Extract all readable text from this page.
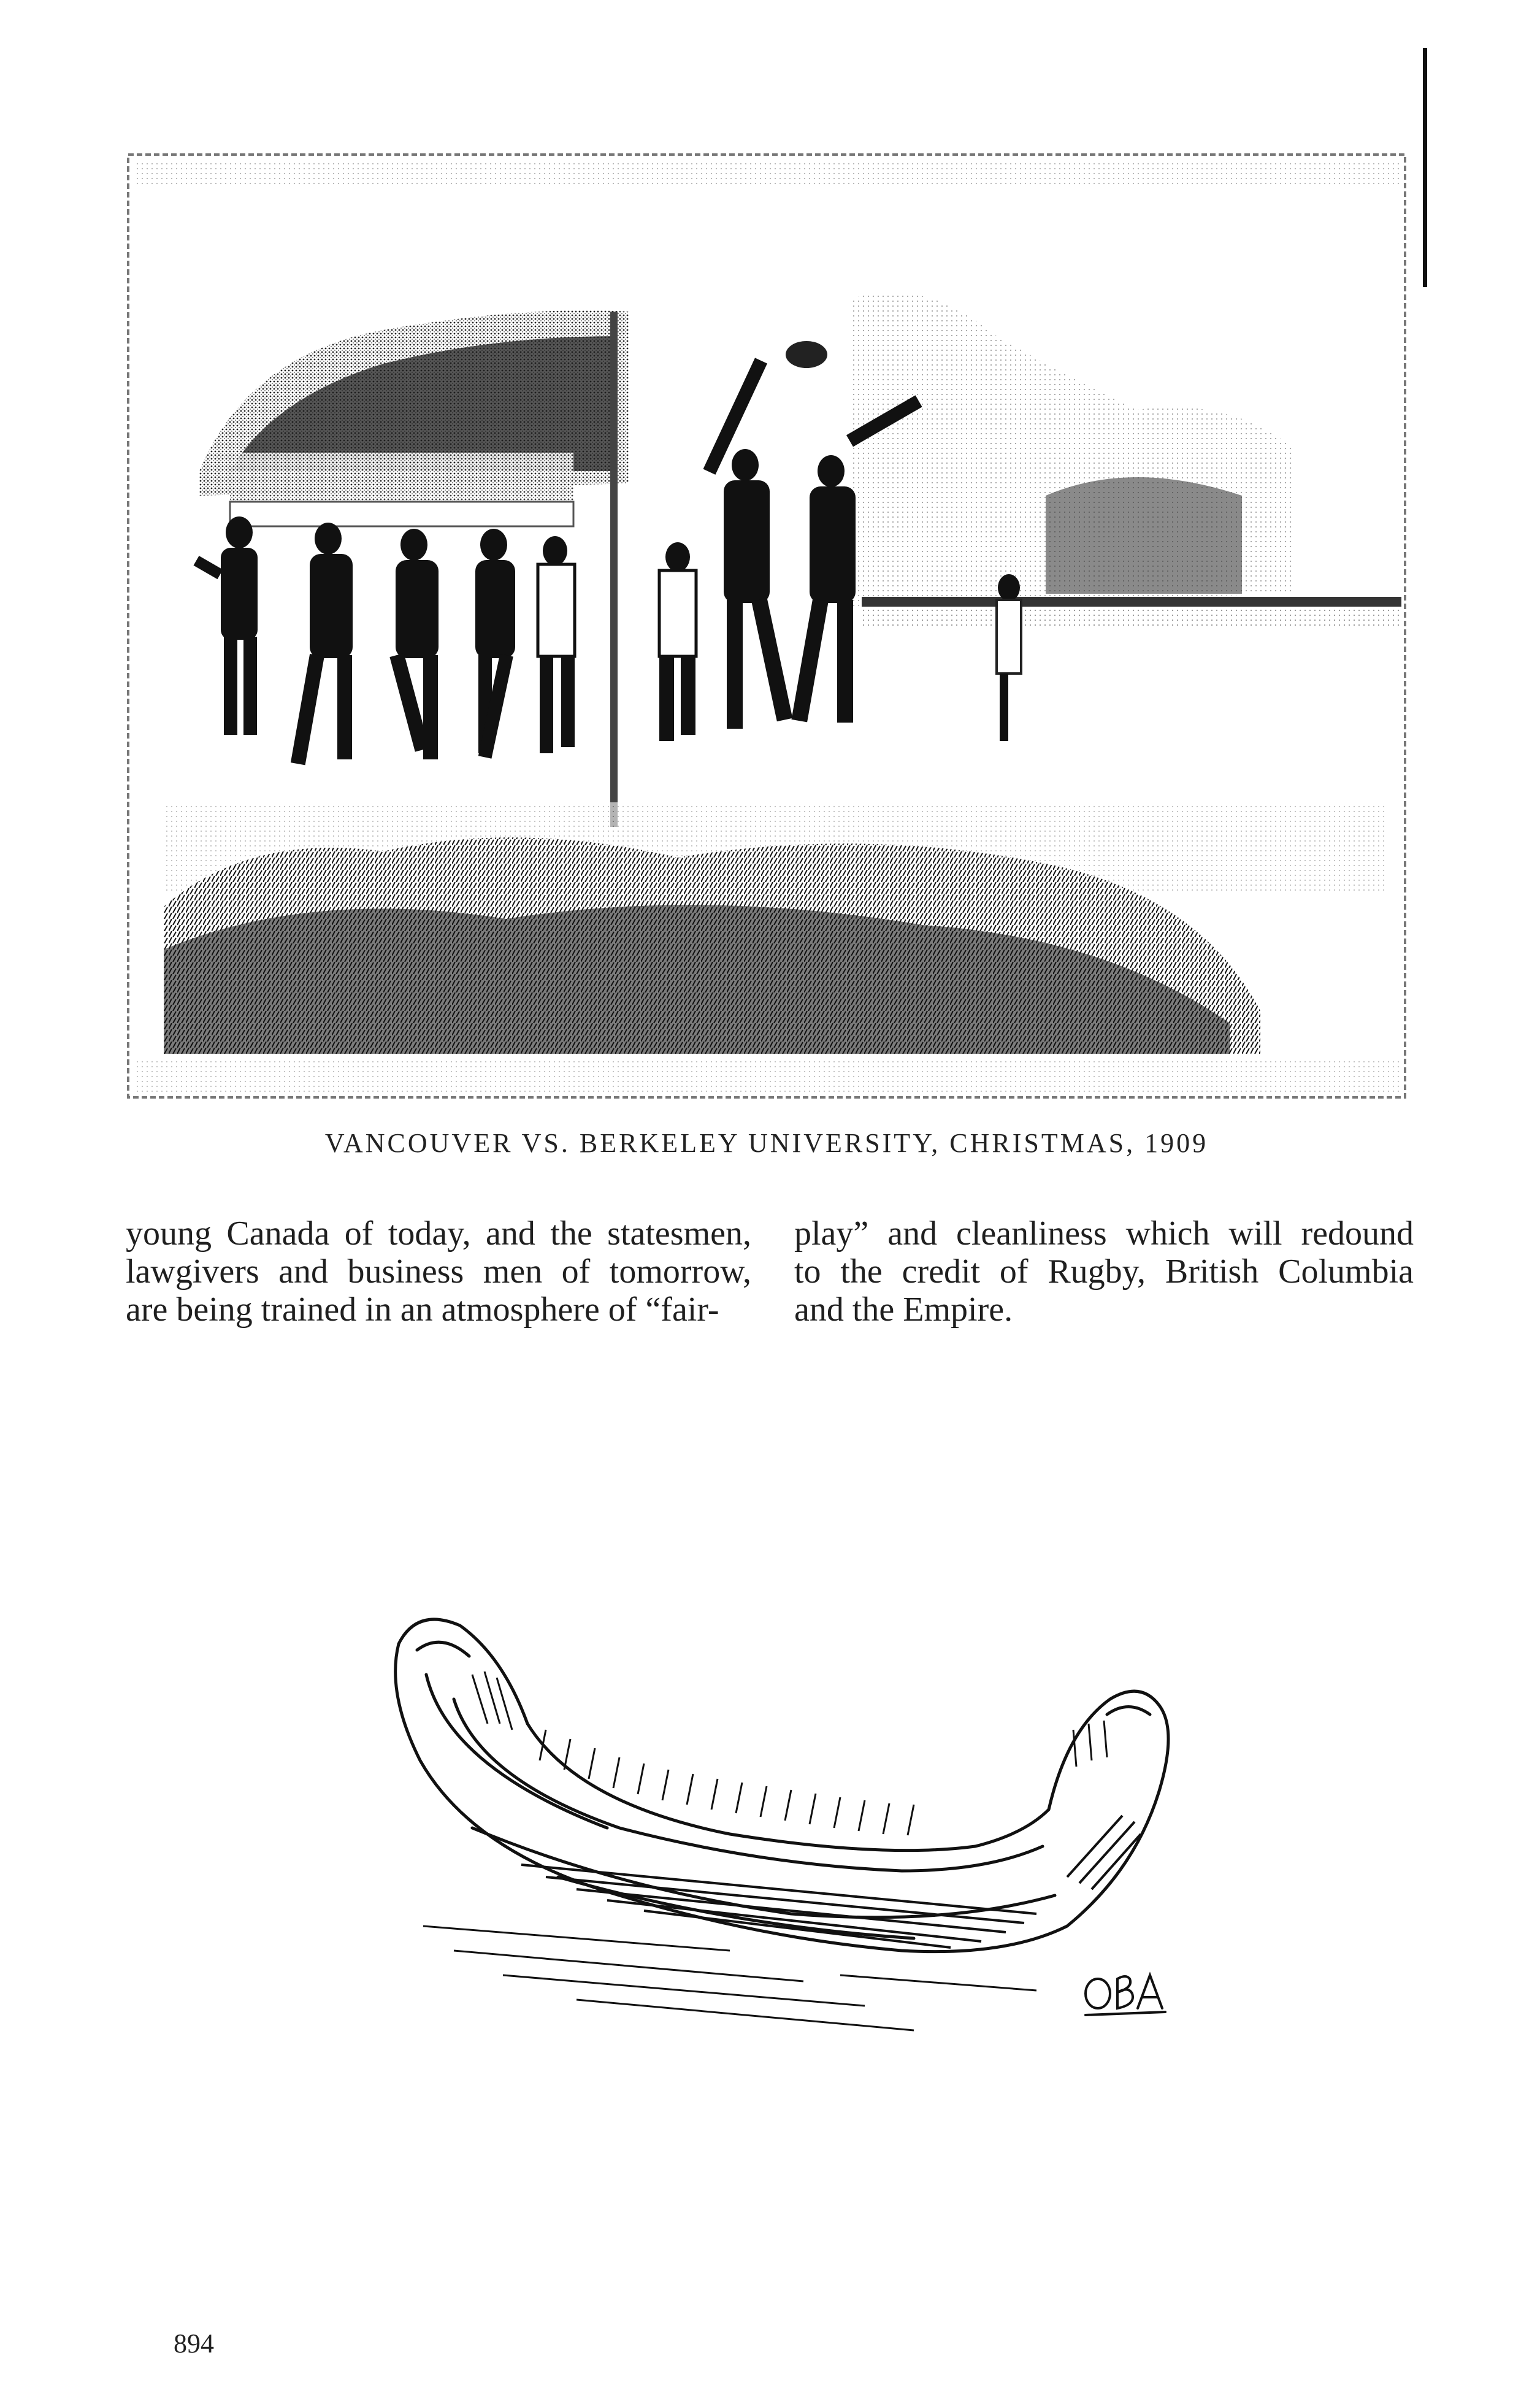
VANCOUVER VS. BERKELEY UNIVERSITY, CHRISTMAS, 1909
young Canada of today, and the statesmen,
lawgivers and business men of tomorrow,
are being trained in an atmosphere of “fair-
play” and cleanliness which will redound
to the credit of Rugby, British Columbia
and the Empire.
894
